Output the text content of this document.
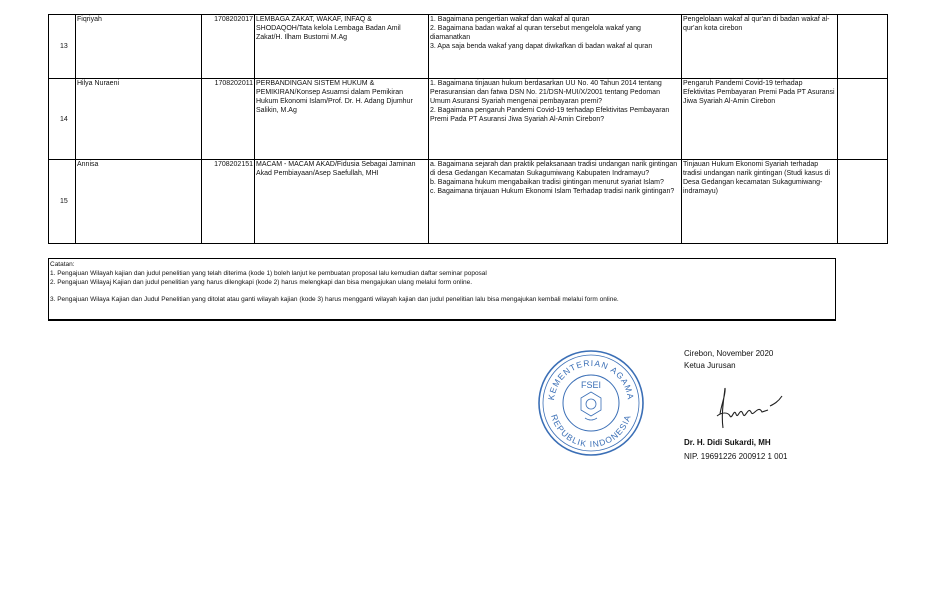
13	Fiqriyah	1708202017	LEMBAGA ZAKAT, WAKAF, INFAQ & SHODAQOH/Tata kelola Lembaga Badan Amil Zakat/H. Ilham Bustomi M.Ag	1. Bagaimana pengertian wakaf dan wakaf al quran
2. Bagaimana badan wakaf al quran tersebut mengelola wakaf yang diamanatkan
3. Apa saja benda wakaf yang dapat diwkafkan di badan wakaf al quran	Pengelolaan wakaf al qur'an di badan wakaf al-qur'an kota cirebon	
14	Hilya Nuraeni	1708202011	PERBANDINGAN SISTEM HUKUM & PEMIKIRAN/Konsep Asuarnsi dalam Pemikiran Hukum Ekonomi Islam/Prof. Dr. H. Adang Djumhur Salikin, M.Ag	1. Bagaimana tinjauan hukum berdasarkan UU No. 40 Tahun 2014 tentang Perasuransian dan fatwa DSN No. 21/DSN-MUI/X/2001 tentang Pedoman Umum Asuransi Syariah mengenai pembayaran premi?
2. Bagaimana pengaruh Pandemi Covid-19 terhadap Efektivitas Pembayaran Premi Pada PT Asuransi Jiwa Syariah Al-Amin Cirebon?	Pengaruh Pandemi Covid-19 terhadap Efektivitas Pembayaran Premi Pada PT Asuransi Jiwa Syariah Al-Amin Cirebon	
15	Annisa	1708202151	MACAM - MACAM AKAD/Fidusia Sebagai Jaminan Akad Pembiayaan/Asep Saefullah, MHI	a. Bagaimana sejarah dan praktik pelaksanaan tradisi undangan narik gintingan di desa Gedangan Kecamatan Sukagumiwang Kabupaten Indramayu?
b. Bagaimana hukum mengabaikan tradisi gintingan menurut syariat Islam?
c. Bagaimana tinjauan Hukum Ekonomi Islam Terhadap tradisi narik gintingan?	Tinjauan Hukum Ekonomi Syariah terhadap tradisi undangan narik gintingan (Studi kasus di Desa Gedangan kecamatan Sukagumiwang-indramayu)	
Catatan:
1. Pengajuan Wilayah kajian dan judul penelitian yang telah diterima (kode 1) boleh lanjut ke pembuatan proposal lalu kemudian daftar seminar poposal
2. Pengajuan Wilayaj Kajian dan judul penelitian yang harus dilengkapi (kode 2) harus melengkapi dan bisa mengajukan ulang melalui form online.
3. Pengajuan Wilaya Kajian dan Judul Penelitian yang ditolat atau ganti wilayah kajian (kode 3) harus mengganti wilayah kajian dan judul penelitian lalu bisa mengajukan kembali melalui form online.
KEMENTERIAN AGAMA
REPUBLIK INDONESIA
FSEI
Cirebon, November 2020
Ketua Jurusan
Dr. H. Didi Sukardi, MH
NIP. 19691226 200912 1 001
